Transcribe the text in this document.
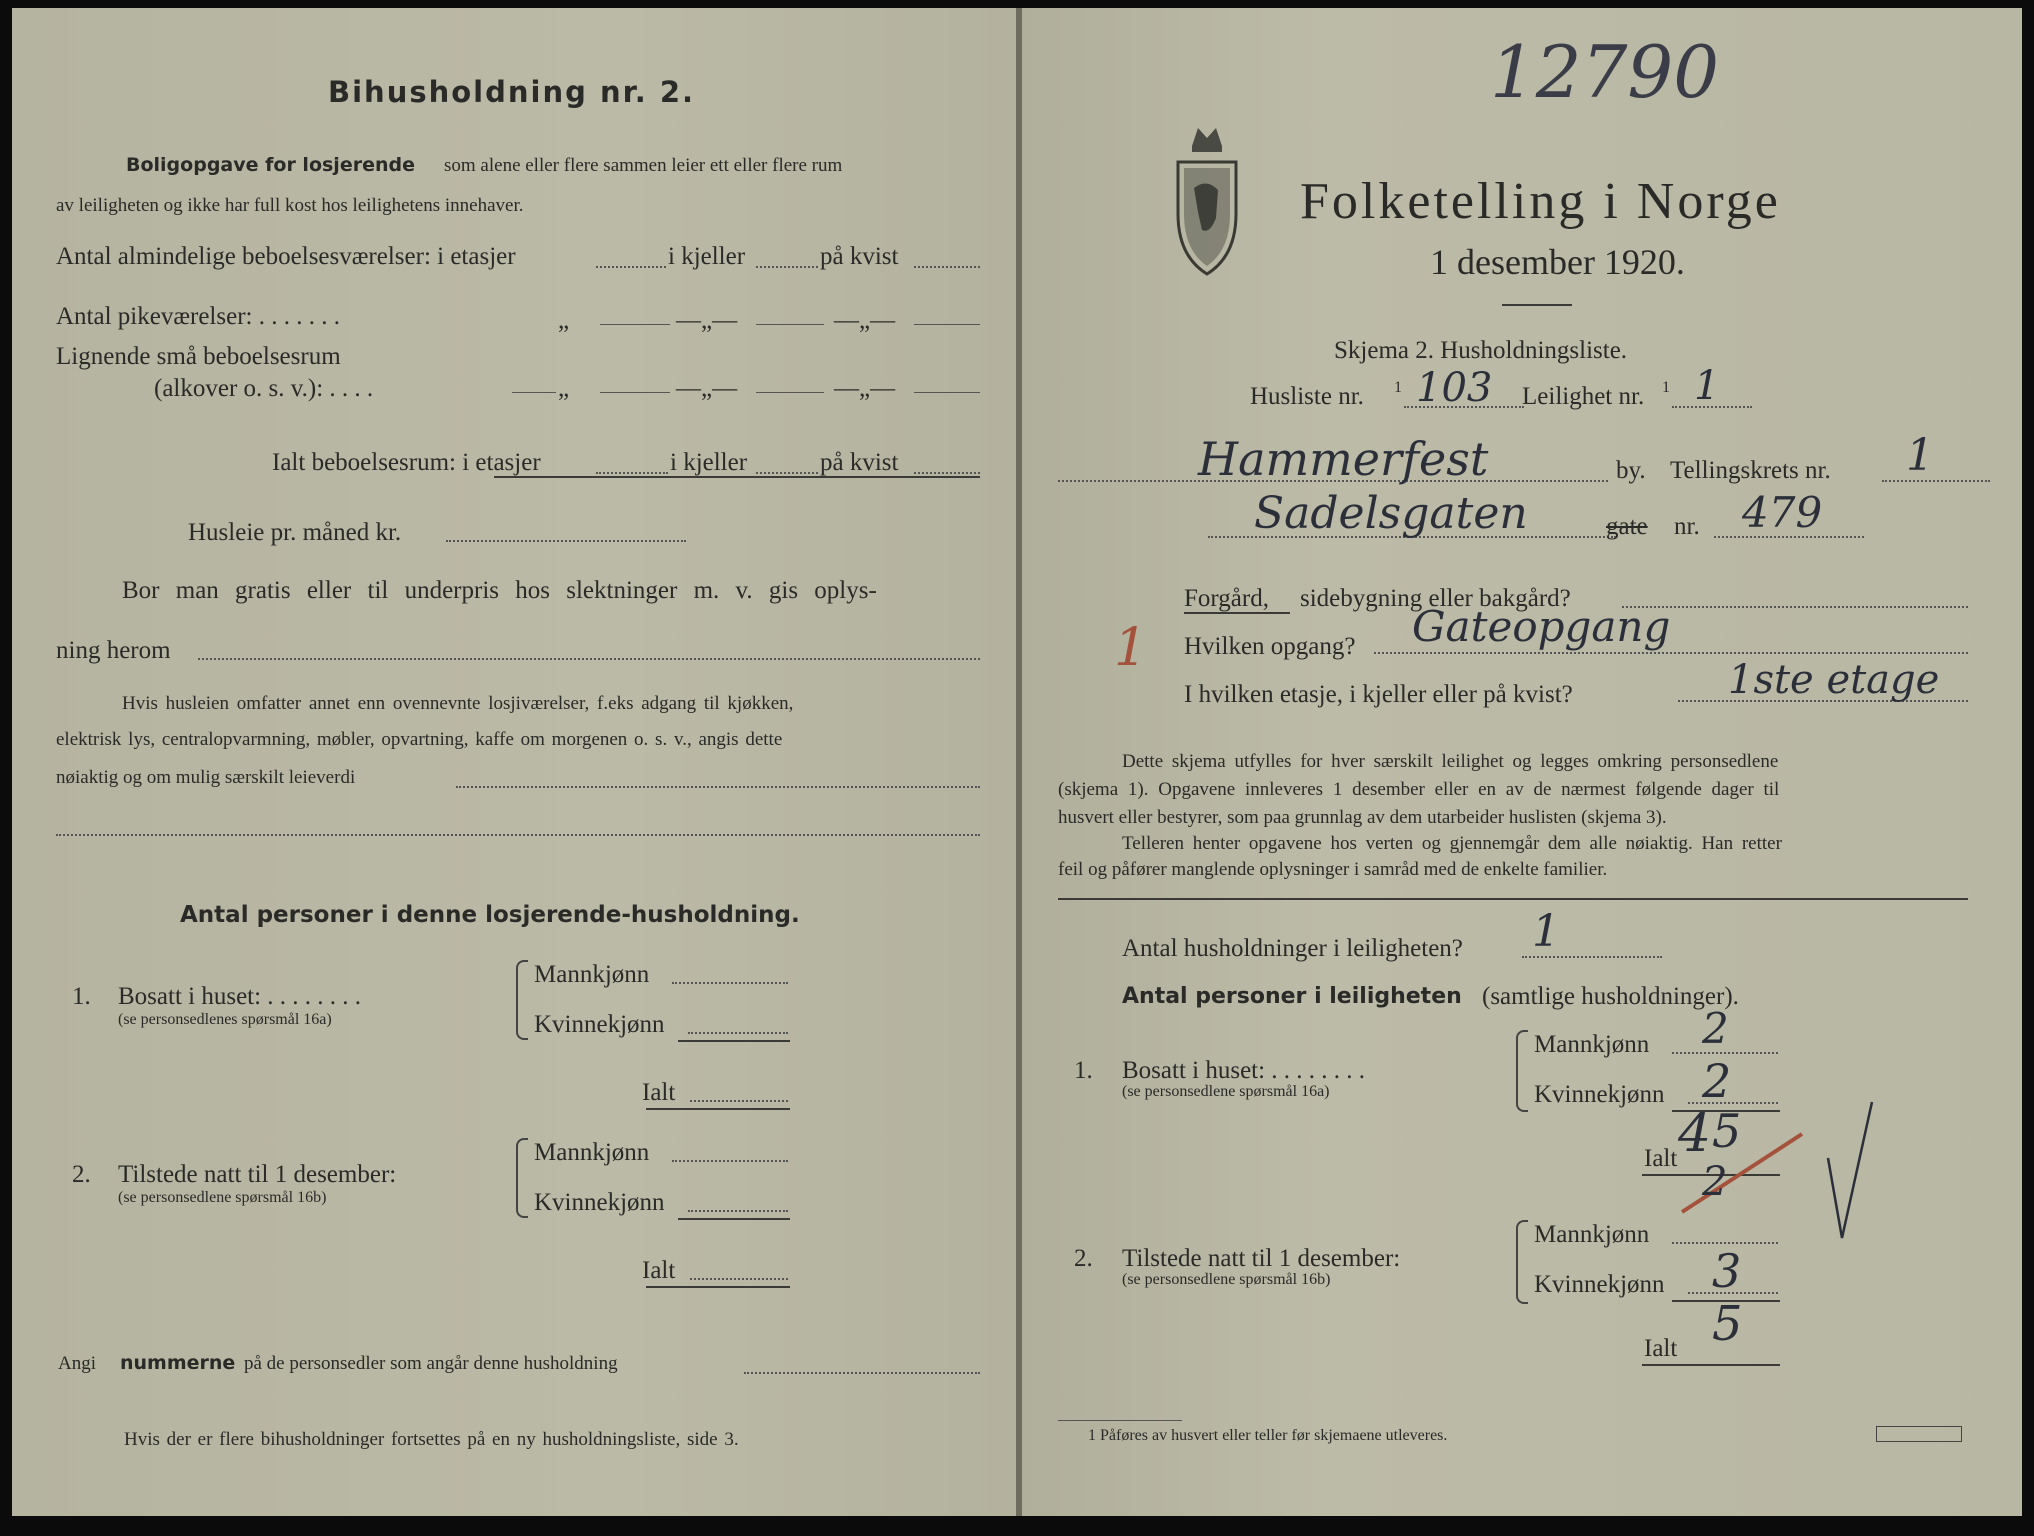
Bihusholdning nr. 2.
Boligopgave for losjerende som alene eller flere sammen leier ett eller flere rum
av leiligheten og ikke har full kost hos leilighetens innehaver.
Antal almindelige beboelsesværelser: i etasjer	i kjeller	på kvist
Antal pikeværelser: . . . . . . .	„	—„—	—„—
Lignende små beboelsesrum
(alkover o. s. v.): . . . .	„	—„—	—„—
Ialt beboelsesrum: i etasjer	i kjeller	på kvist
Husleie pr. måned kr.
Bor man gratis eller til underpris hos slektninger m. v. gis oplys-
ning herom
Hvis husleien omfatter annet enn ovennevnte losjiværelser, f.eks adgang til kjøkken,
elektrisk lys, centralopvarmning, møbler, opvartning, kaffe om morgenen o. s. v., angis dette
nøiaktig og om mulig særskilt leieverdi
Antal personer i denne losjerende-husholdning.
1. Bosatt i huset: . . . . . . . .
(se personsedlenes spørsmål 16a)
Mannkjønn
Kvinnekjønn
Ialt
2. Tilstede natt til 1 desember:
(se personsedlene spørsmål 16b)
Mannkjønn
Kvinnekjønn
Ialt
Angi nummerne på de personsedler som angår denne husholdning
Hvis der er flere bihusholdninger fortsettes på en ny husholdningsliste, side 3.
12790
Folketelling i Norge
1 desember 1920.
Skjema 2. Husholdningsliste.
Husliste nr. 1 103 Leilighet nr. 1 1
Hammerfest	by. Tellingskrets nr. 1
Sadelsgaten	gate nr. 479
Forgård, sidebygning eller bakgård?
1 Hvilken opgang? Gateopgang
I hvilken etasje, i kjeller eller på kvist?	1ste etage
Dette skjema utfylles for hver særskilt leilighet og legges omkring personsedlene
(skjema 1). Opgavene innleveres 1 desember eller en av de nærmest følgende dager til
husvert eller bestyrer, som paa grunnlag av dem utarbeider huslisten (skjema 3).
Telleren henter opgavene hos verten og gjennemgår dem alle nøiaktig. Han retter
feil og påfører manglende oplysninger i samråd med de enkelte familier.
Antal husholdninger i leiligheten? 1
Antal personer i leiligheten (samtlige husholdninger).
1. Bosatt i huset: . . . . . . . .
(se personsedlene spørsmål 16a)
Mannkjønn 2
Kvinnekjønn 2
Ialt 4 5
2
2. Tilstede natt til 1 desember:
(se personsedlene spørsmål 16b)
Mannkjønn
Kvinnekjønn 3
Ialt 5
1 Påføres av husvert eller teller før skjemaene utleveres.
